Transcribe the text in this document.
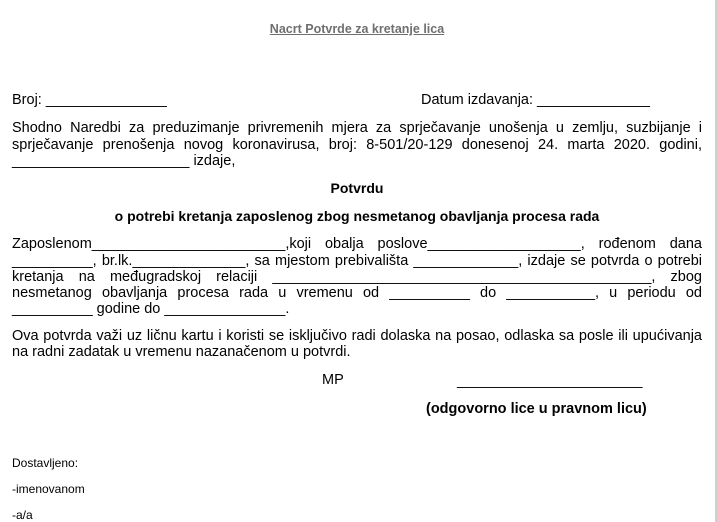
Nacrt Potvrde za kretanje lica
Broj: _______________	Datum izdavanja: ______________
Shodno Naredbi za preduzimanje privremenih mjera za sprječavanje unošenja u zemlju, suzbijanje i
sprječavanje prenošenja novog koronavirusa, broj: 8-501/20-129 donesenoj 24. marta 2020. godini,
______________________ izdaje,
Potvrdu
o potrebi kretanja zaposlenog zbog nesmetanog obavljanja procesa rada
Zaposlenom________________________,koji obalja poslove___________________, rođenom dana
__________, br.lk.______________, sa mjestom prebivališta _____________, izdaje se potvrda o potrebi
kretanja na međugradskoj relaciji _______________________________________________, zbog
nesmetanog obavljanja procesa rada u vremenu od __________ do ___________, u periodu od
__________ godine do _______________.
Ova potvrda važi uz ličnu kartu i koristi se isključivo radi dolaska na posao, odlaska sa posle ili upućivanja
na radni zadatak u vremenu nazanačenom u potvrdi.
MP	_______________________
(odgovorno lice u pravnom licu)
Dostavljeno:
-imenovanom
-a/a
